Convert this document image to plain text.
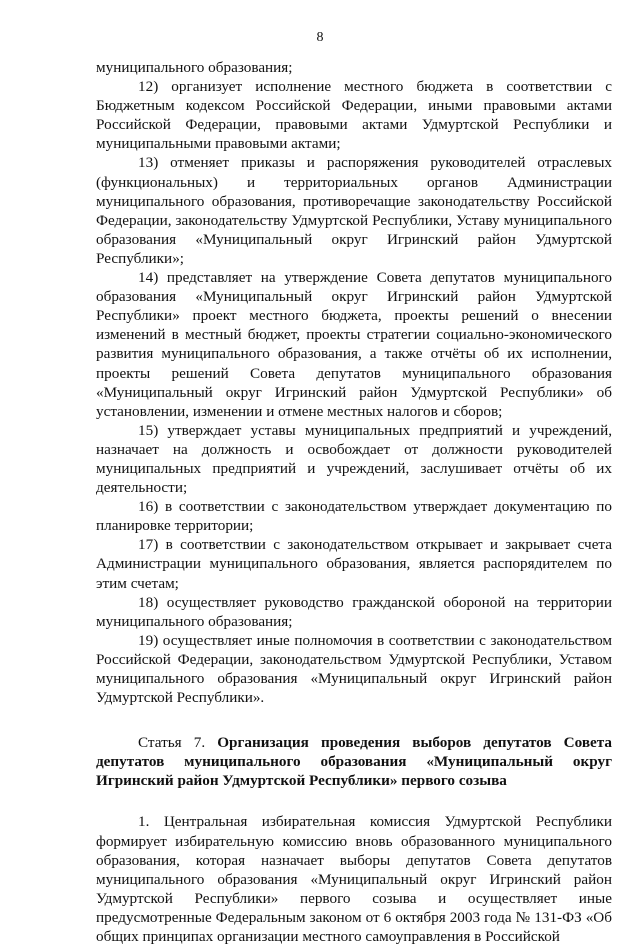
8

муниципального образования;

12) организует исполнение местного бюджета в соответствии с Бюджетным кодексом Российской Федерации, иными правовыми актами Российской Федерации, правовыми актами Удмуртской Республики и муниципальными правовыми актами;

13) отменяет приказы и распоряжения руководителей отраслевых (функциональных) и территориальных органов Администрации муниципального образования, противоречащие законодательству Российской Федерации, законодательству Удмуртской Республики, Уставу муниципального образования «Муниципальный округ Игринский район Удмуртской Республики»;

14) представляет на утверждение Совета депутатов муниципального образования «Муниципальный округ Игринский район Удмуртской Республики» проект местного бюджета, проекты решений о внесении изменений в местный бюджет, проекты стратегии социально-экономического развития муниципального образования, а также отчёты об их исполнении, проекты решений Совета депутатов муниципального образования «Муниципальный округ Игринский район Удмуртской Республики» об установлении, изменении и отмене местных налогов и сборов;

15) утверждает уставы муниципальных предприятий и учреждений, назначает на должность и освобождает от должности руководителей муниципальных предприятий и учреждений, заслушивает отчёты об их деятельности;

16) в соответствии с законодательством утверждает документацию по планировке территории;

17) в соответствии с законодательством открывает и закрывает счета Администрации муниципального образования, является распорядителем по этим счетам;

18) осуществляет руководство гражданской обороной на территории муниципального образования;

19) осуществляет иные полномочия в соответствии с законодательством Российской Федерации, законодательством Удмуртской Республики, Уставом муниципального образования «Муниципальный округ Игринский район Удмуртской Республики».

Статья 7. Организация проведения выборов депутатов Совета депутатов муниципального образования «Муниципальный округ Игринский район Удмуртской Республики» первого созыва

1. Центральная избирательная комиссия Удмуртской Республики формирует избирательную комиссию вновь образованного муниципального образования, которая назначает выборы депутатов Совета депутатов муниципального образования «Муниципальный округ Игринский район Удмуртской Республики» первого созыва и осуществляет иные предусмотренные Федеральным законом от 6 октября 2003 года № 131-ФЗ «Об общих принципах организации местного самоуправления в Российской
